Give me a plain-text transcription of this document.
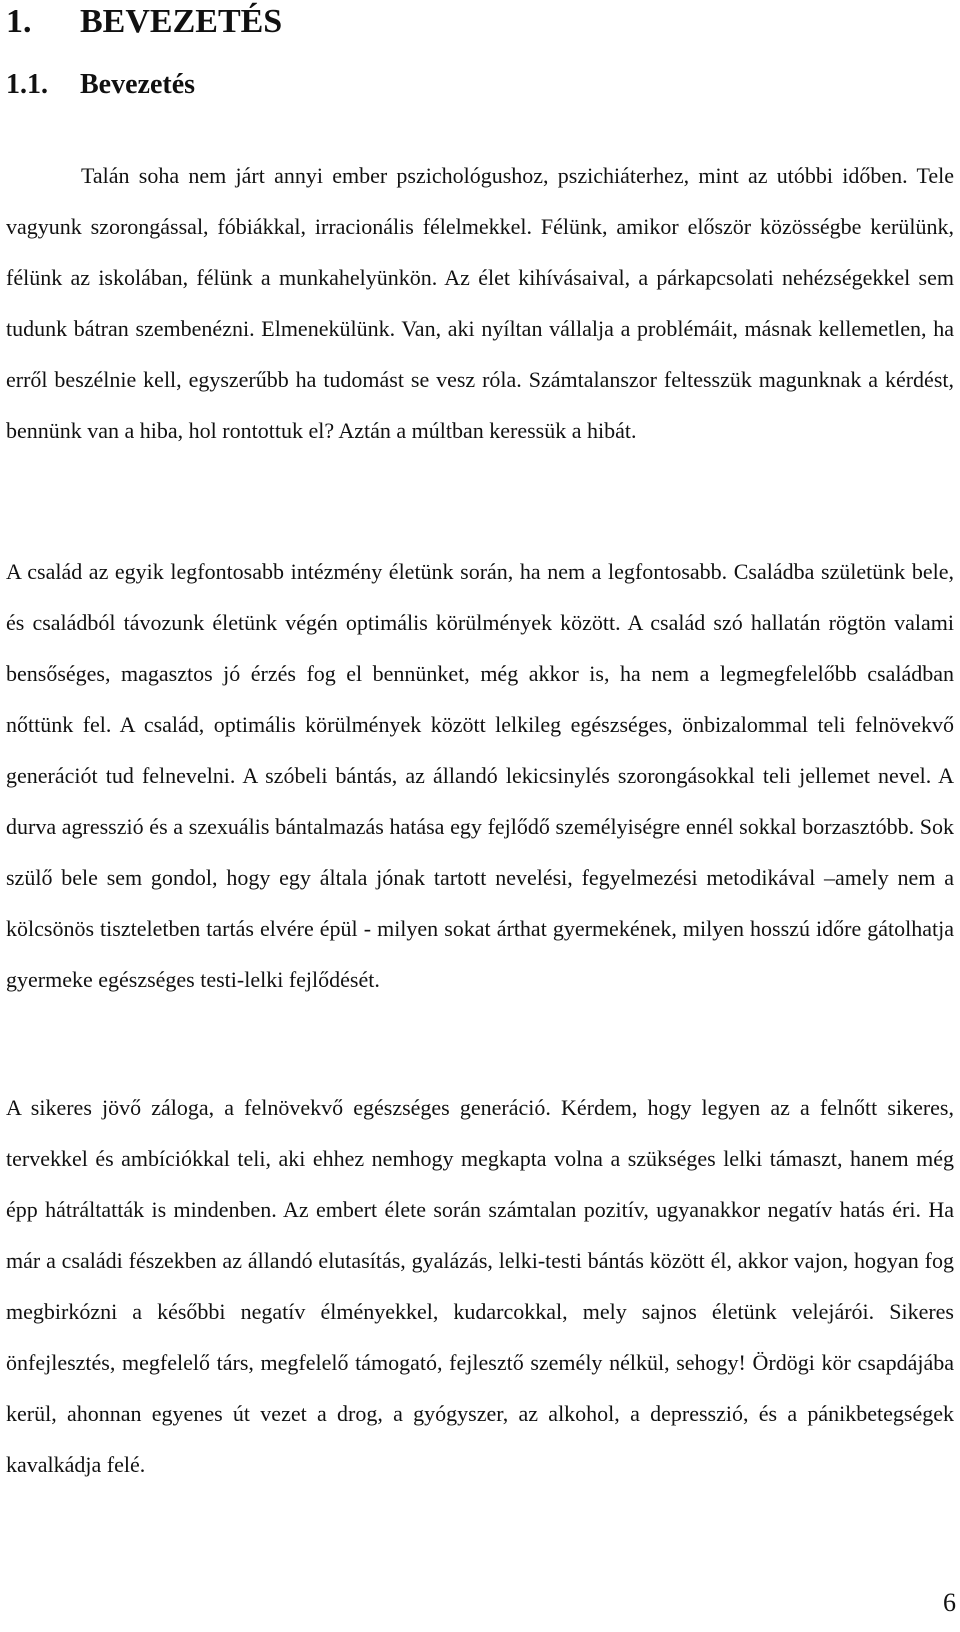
1. BEVEZETÉS
1.1. Bevezetés

Talán soha nem járt annyi ember pszichológushoz, pszichiáterhez, mint az utóbbi időben. Tele vagyunk szorongással, fóbiákkal, irracionális félelmekkel. Félünk, amikor először közösségbe kerülünk, félünk az iskolában, félünk a munkahelyünkön. Az élet kihívásaival, a párkapcsolati nehézségekkel sem tudunk bátran szembenézni. Elmenekülünk. Van, aki nyíltan vállalja a problémáit, másnak kellemetlen, ha erről beszélnie kell, egyszerűbb ha tudomást se vesz róla. Számtalanszor feltesszük magunknak a kérdést, bennünk van a hiba, hol rontottuk el? Aztán a múltban keressük a hibát.

A család az egyik legfontosabb intézmény életünk során, ha nem a legfontosabb. Családba születünk bele, és családból távozunk életünk végén optimális körülmények között. A család szó hallatán rögtön valami bensőséges, magasztos jó érzés fog el bennünket, még akkor is, ha nem a legmegfelelőbb családban nőttünk fel. A család, optimális körülmények között lelkileg egészséges, önbizalommal teli felnövekvő generációt tud felnevelni. A szóbeli bántás, az állandó lekicsinylés szorongásokkal teli jellemet nevel. A durva agresszió és a szexuális bántalmazás hatása egy fejlődő személyiségre ennél sokkal borzasztóbb. Sok szülő bele sem gondol, hogy egy általa jónak tartott nevelési, fegyelmezési metodikával –amely nem a kölcsönös tiszteletben tartás elvére épül - milyen sokat árthat gyermekének, milyen hosszú időre gátolhatja gyermeke egészséges testi-lelki fejlődését.

A sikeres jövő záloga, a felnövekvő egészséges generáció. Kérdem, hogy legyen az a felnőtt sikeres, tervekkel és ambíciókkal teli, aki ehhez nemhogy megkapta volna a szükséges lelki támaszt, hanem még épp hátráltatták is mindenben. Az embert élete során számtalan pozitív, ugyanakkor negatív hatás éri. Ha már a családi fészekben az állandó elutasítás, gyalázás, lelki-testi bántás között él, akkor vajon, hogyan fog megbirkózni a későbbi negatív élményekkel, kudarcokkal, mely sajnos életünk velejárói. Sikeres önfejlesztés, megfelelő társ, megfelelő támogató, fejlesztő személy nélkül, sehogy! Ördögi kör csapdájába kerül, ahonnan egyenes út vezet a drog, a gyógyszer, az alkohol, a depresszió, és a pánikbetegségek kavalkádja felé.

6
